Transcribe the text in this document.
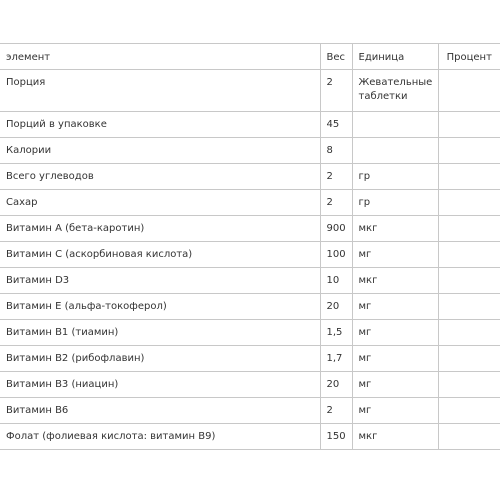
элемент	Вес	Единица	Процент
Порция	2	Жевательные таблетки	
Порций в упаковке	45		
Калории	8		
Всего углеводов	2	гр	
Сахар	2	гр	
Витамин А (бета-каротин)	900	мкг	
Витамин C (аскорбиновая кислота)	100	мг	
Витамин D3	10	мкг	
Витамин E (альфа-токоферол)	20	мг	
Витамин B1 (тиамин)	1,5	мг	
Витамин B2 (рибофлавин)	1,7	мг	
Витамин B3 (ниацин)	20	мг	
Витамин B6	2	мг	
Фолат (фолиевая кислота: витамин B9)	150	мкг	
